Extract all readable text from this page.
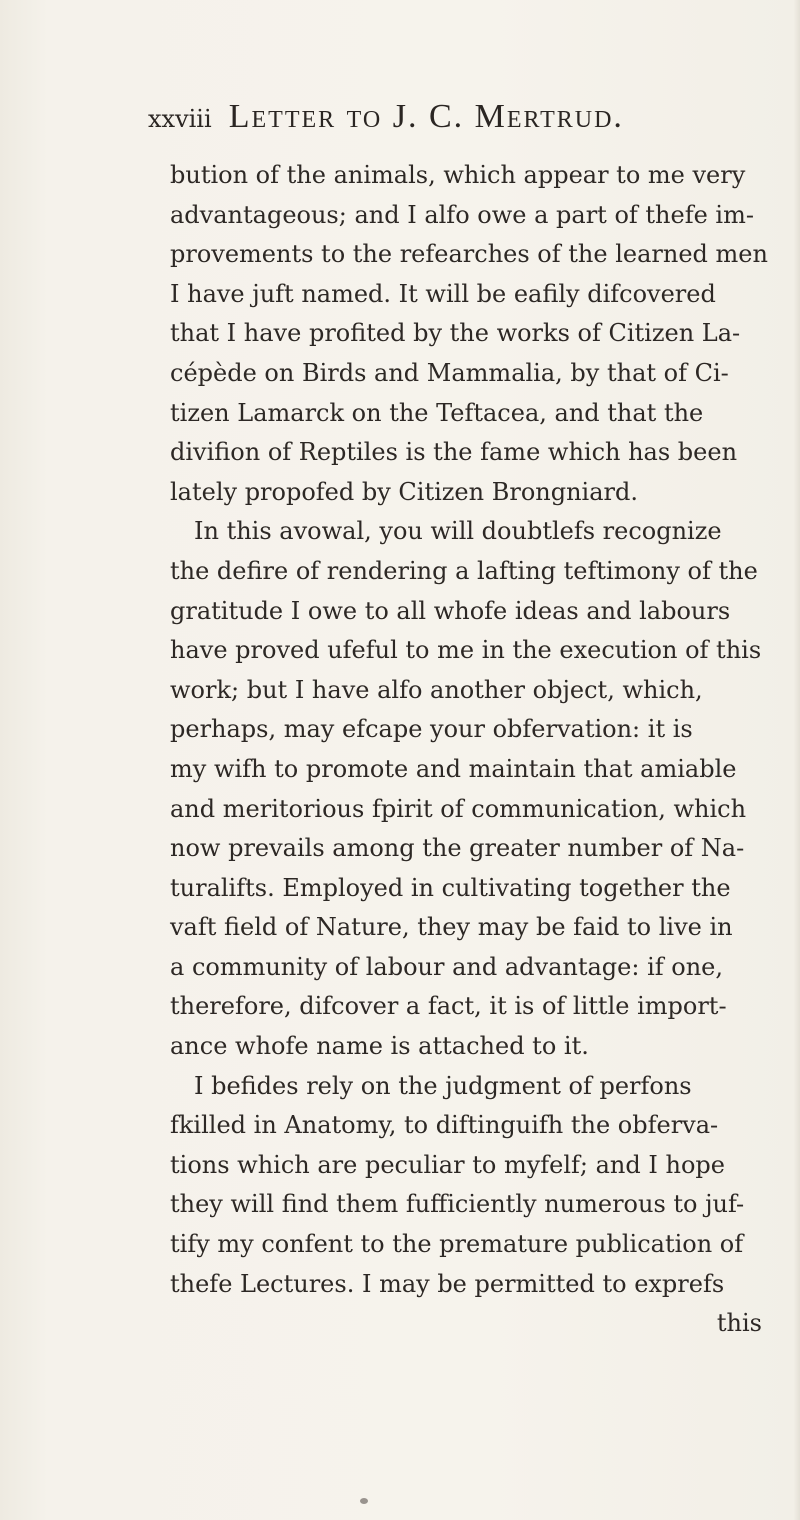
xxviii Letter to J. C. Mertrud.
bution of the animals, which appear to me very
advantageous; and I alfo owe a part of thefe im-
provements to the refearches of the learned men
I have juft named. It will be eafily difcovered
that I have profited by the works of Citizen La-
cépède on Birds and Mammalia, by that of Ci-
tizen Lamarck on the Teftacea, and that the
divifion of Reptiles is the fame which has been
lately propofed by Citizen Brongniard.
In this avowal, you will doubtlefs recognize
the defire of rendering a lafting teftimony of the
gratitude I owe to all whofe ideas and labours
have proved ufeful to me in the execution of this
work; but I have alfo another object, which,
perhaps, may efcape your obfervation: it is
my wifh to promote and maintain that amiable
and meritorious fpirit of communication, which
now prevails among the greater number of Na-
turalifts. Employed in cultivating together the
vaft field of Nature, they may be faid to live in
a community of labour and advantage: if one,
therefore, difcover a fact, it is of little import-
ance whofe name is attached to it.
I befides rely on the judgment of perfons
fkilled in Anatomy, to diftinguifh the obferva-
tions which are peculiar to myfelf; and I hope
they will find them fufficiently numerous to juf-
tify my confent to the premature publication of
thefe Lectures. I may be permitted to exprefs
this
